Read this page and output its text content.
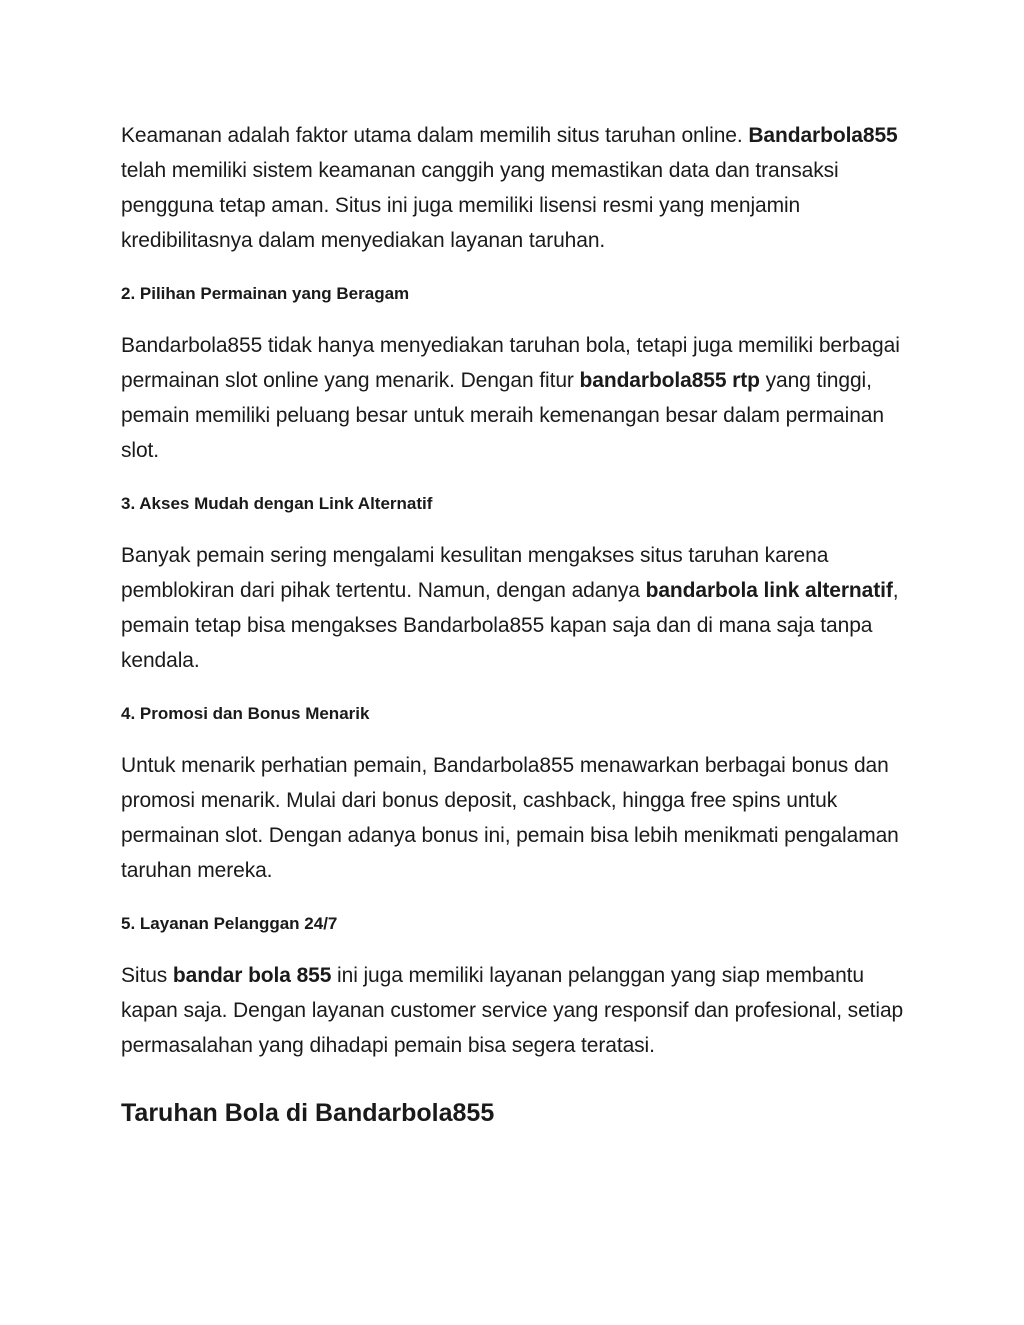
Keamanan adalah faktor utama dalam memilih situs taruhan online. Bandarbola855 telah memiliki sistem keamanan canggih yang memastikan data dan transaksi pengguna tetap aman. Situs ini juga memiliki lisensi resmi yang menjamin kredibilitasnya dalam menyediakan layanan taruhan.

2. Pilihan Permainan yang Beragam

Bandarbola855 tidak hanya menyediakan taruhan bola, tetapi juga memiliki berbagai permainan slot online yang menarik. Dengan fitur bandarbola855 rtp yang tinggi, pemain memiliki peluang besar untuk meraih kemenangan besar dalam permainan slot.

3. Akses Mudah dengan Link Alternatif

Banyak pemain sering mengalami kesulitan mengakses situs taruhan karena pemblokiran dari pihak tertentu. Namun, dengan adanya bandarbola link alternatif, pemain tetap bisa mengakses Bandarbola855 kapan saja dan di mana saja tanpa kendala.

4. Promosi dan Bonus Menarik

Untuk menarik perhatian pemain, Bandarbola855 menawarkan berbagai bonus dan promosi menarik. Mulai dari bonus deposit, cashback, hingga free spins untuk permainan slot. Dengan adanya bonus ini, pemain bisa lebih menikmati pengalaman taruhan mereka.

5. Layanan Pelanggan 24/7

Situs bandar bola 855 ini juga memiliki layanan pelanggan yang siap membantu kapan saja. Dengan layanan customer service yang responsif dan profesional, setiap permasalahan yang dihadapi pemain bisa segera teratasi.

Taruhan Bola di Bandarbola855
